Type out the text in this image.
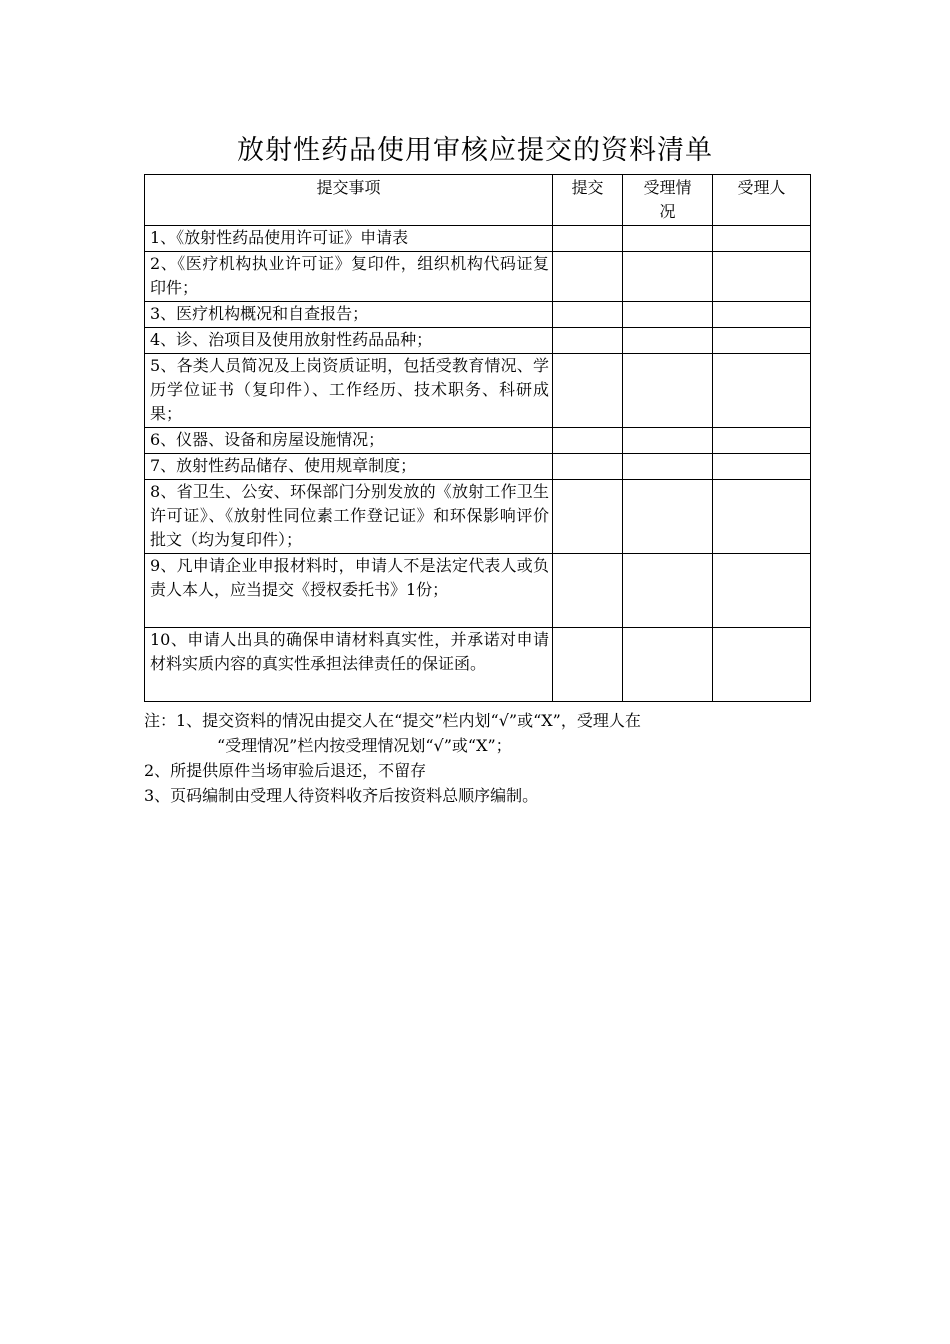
放射性药品使用审核应提交的资料清单
提交事项	提交	受理情况	受理人
1、《放射性药品使用许可证》申请表			
2、《医疗机构执业许可证》复印件，组织机构代码证复印件；			
3、医疗机构概况和自查报告；			
4、诊、治项目及使用放射性药品品种；			
5、各类人员简况及上岗资质证明，包括受教育情况、学历学位证书（复印件）、工作经历、技术职务、科研成果；			
6、仪器、设备和房屋设施情况；			
7、放射性药品储存、使用规章制度；			
8、省卫生、公安、环保部门分别发放的《放射工作卫生许可证》、《放射性同位素工作登记证》和环保影响评价批文（均为复印件）；			
9、凡申请企业申报材料时，申请人不是法定代表人或负责人本人，应当提交《授权委托书》1份；			
10、申请人出具的确保申请材料真实性，并承诺对申请材料实质内容的真实性承担法律责任的保证函。			
注：1、提交资料的情况由提交人在“提交”栏内划“√”或“X”，受理人在
“受理情况”栏内按受理情况划“√”或“X”；
2、所提供原件当场审验后退还，不留存
3、页码编制由受理人待资料收齐后按资料总顺序编制。
